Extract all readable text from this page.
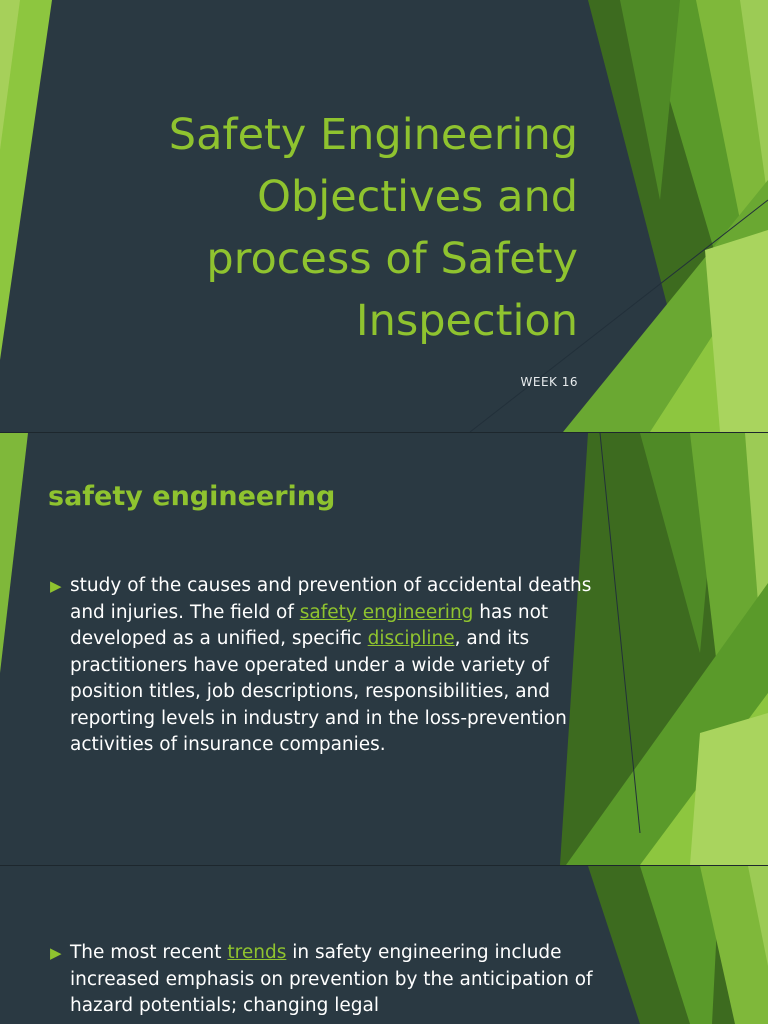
Safety Engineering
Objectives and
process of Safety
Inspection
WEEK 16
safety engineering
▶ study of the causes and prevention of accidental deaths and injuries. The field of safety engineering has not developed as a unified, specific discipline, and its practitioners have operated under a wide variety of position titles, job descriptions, responsibilities, and reporting levels in industry and in the loss-prevention activities of insurance companies.
▶ The most recent trends in safety engineering include increased emphasis on prevention by the anticipation of hazard potentials; changing legal
